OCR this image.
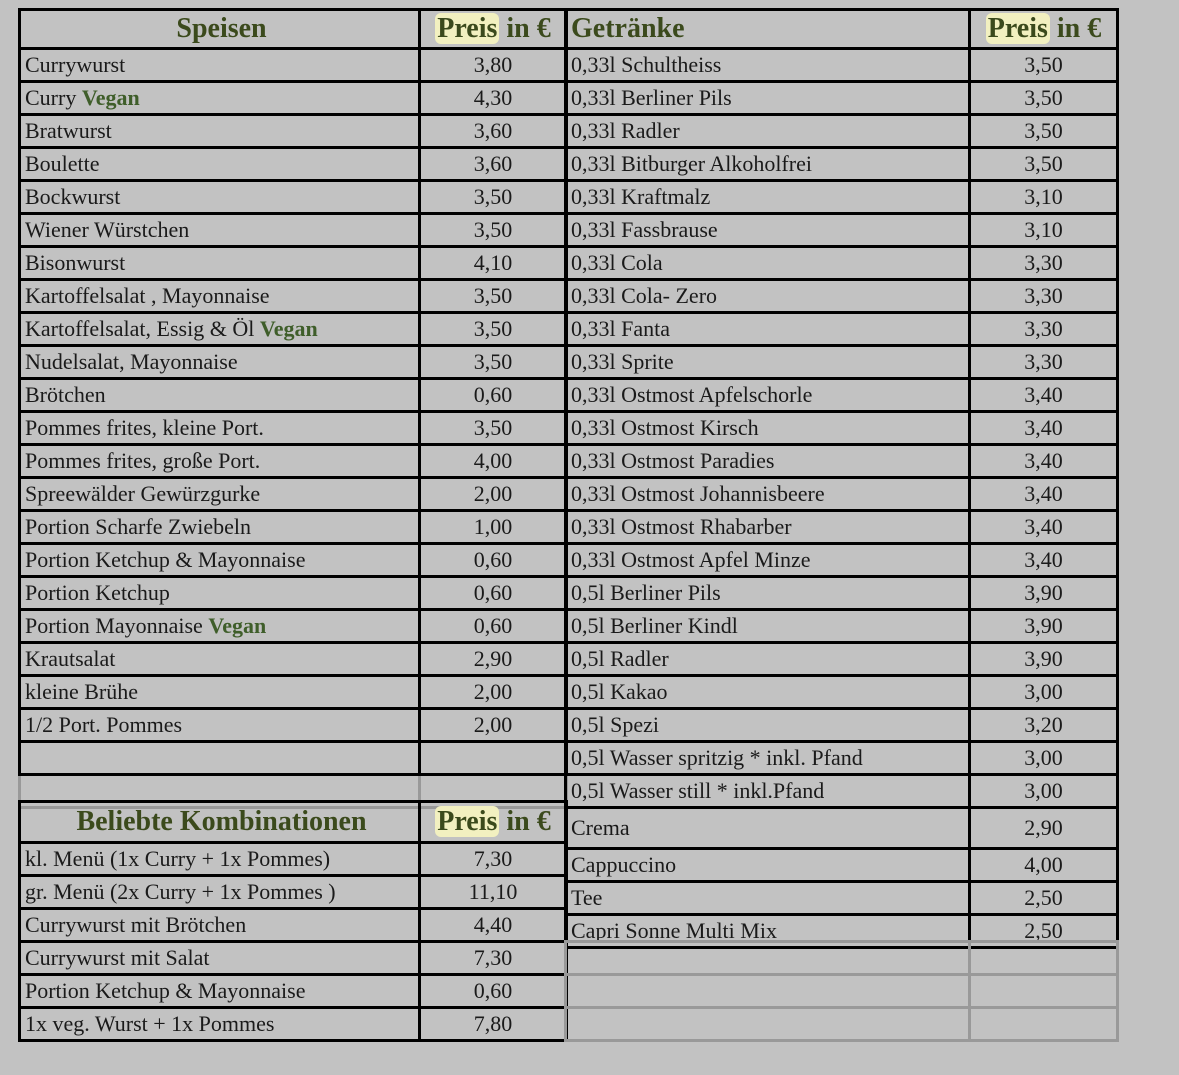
Speisen	Preis in €
Currywurst	3,80
Curry Vegan	4,30
Bratwurst	3,60
Boulette	3,60
Bockwurst	3,50
Wiener Würstchen	3,50
Bisonwurst	4,10
Kartoffelsalat , Mayonnaise	3,50
Kartoffelsalat, Essig & Öl Vegan	3,50
Nudelsalat, Mayonnaise	3,50
Brötchen	0,60
Pommes frites, kleine Port.	3,50
Pommes frites, große Port.	4,00
Spreewälder Gewürzgurke	2,00
Portion Scharfe Zwiebeln	1,00
Portion Ketchup & Mayonnaise	0,60
Portion Ketchup	0,60
Portion Mayonnaise Vegan	0,60
Krautsalat	2,90
kleine Brühe	2,00
1/2 Port. Pommes	2,00

Beliebte Kombinationen	Preis in €
kl. Menü (1x Curry + 1x Pommes)	7,30
gr. Menü (2x Curry + 1x Pommes )	11,10
Currywurst mit Brötchen	4,40
Currywurst mit Salat	7,30
Portion Ketchup & Mayonnaise	0,60
1x veg. Wurst + 1x Pommes	7,80
Getränke	Preis in €
0,33l Schultheiss	3,50
0,33l Berliner Pils	3,50
0,33l Radler	3,50
0,33l Bitburger Alkoholfrei	3,50
0,33l Kraftmalz	3,10
0,33l Fassbrause	3,10
0,33l Cola	3,30
0,33l Cola- Zero	3,30
0,33l Fanta	3,30
0,33l Sprite	3,30
0,33l Ostmost Apfelschorle	3,40
0,33l Ostmost Kirsch	3,40
0,33l Ostmost Paradies	3,40
0,33l Ostmost Johannisbeere	3,40
0,33l Ostmost Rhabarber	3,40
0,33l Ostmost Apfel Minze	3,40
0,5l Berliner Pils	3,90
0,5l Berliner Kindl	3,90
0,5l Radler	3,90
0,5l Kakao	3,00
0,5l Spezi	3,20
0,5l Wasser spritzig * inkl. Pfand	3,00
0,5l Wasser still * inkl.Pfand	3,00
Crema	2,90
Cappuccino	4,00
Tee	2,50
Capri Sonne Multi Mix	2,50
